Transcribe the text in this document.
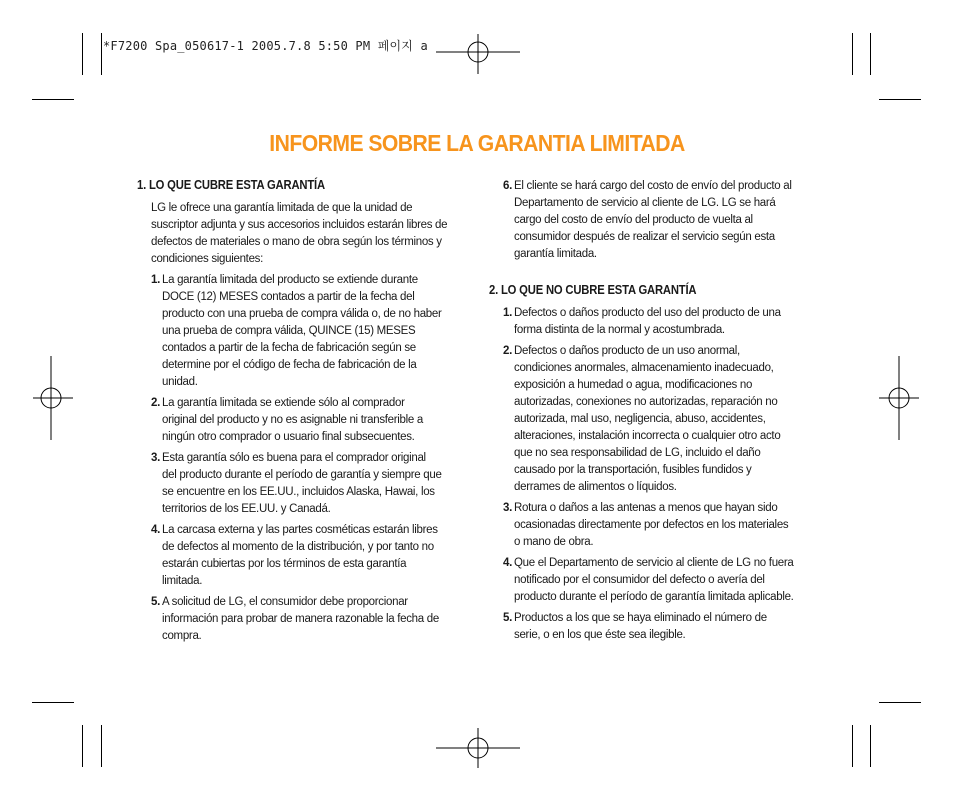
*F7200 Spa_050617-1 2005.7.8 5:50 PM 페이지 a
INFORME SOBRE LA GARANTIA LIMITADA
1. LO QUE CUBRE ESTA GARANTÍA

LG le ofrece una garantía limitada de que la unidad de suscriptor adjunta y sus accesorios incluidos estarán libres de defectos de materiales o mano de obra según los términos y condiciones siguientes:

1. La garantía limitada del producto se extiende durante DOCE (12) MESES contados a partir de la fecha del producto con una prueba de compra válida o, de no haber una prueba de compra válida, QUINCE (15) MESES contados a partir de la fecha de fabricación según se determine por el código de fecha de fabricación de la unidad.
2. La garantía limitada se extiende sólo al comprador original del producto y no es asignable ni transferible a ningún otro comprador o usuario final subsecuentes.
3. Esta garantía sólo es buena para el comprador original del producto durante el período de garantía y siempre que se encuentre en los EE.UU., incluidos Alaska, Hawai, los territorios de los EE.UU. y Canadá.
4. La carcasa externa y las partes cosméticas estarán libres de defectos al momento de la distribución, y por tanto no estarán cubiertas por los términos de esta garantía limitada.
5. A solicitud de LG, el consumidor debe proporcionar información para probar de manera razonable la fecha de compra.
6. El cliente se hará cargo del costo de envío del producto al Departamento de servicio al cliente de LG. LG se hará cargo del costo de envío del producto de vuelta al consumidor después de realizar el servicio según esta garantía limitada.
2. LO QUE NO CUBRE ESTA GARANTÍA
1. Defectos o daños producto del uso del producto de una forma distinta de la normal y acostumbrada.
2. Defectos o daños producto de un uso anormal, condiciones anormales, almacenamiento inadecuado, exposición a humedad o agua, modificaciones no autorizadas, conexiones no autorizadas, reparación no autorizada, mal uso, negligencia, abuso, accidentes, alteraciones, instalación incorrecta o cualquier otro acto que no sea responsabilidad de LG, incluido el daño causado por la transportación, fusibles fundidos y derrames de alimentos o líquidos.
3. Rotura o daños a las antenas a menos que hayan sido ocasionadas directamente por defectos en los materiales o mano de obra.
4. Que el Departamento de servicio al cliente de LG no fuera notificado por el consumidor del defecto o avería del producto durante el período de garantía limitada aplicable.
5. Productos a los que se haya eliminado el número de serie, o en los que éste sea ilegible.
